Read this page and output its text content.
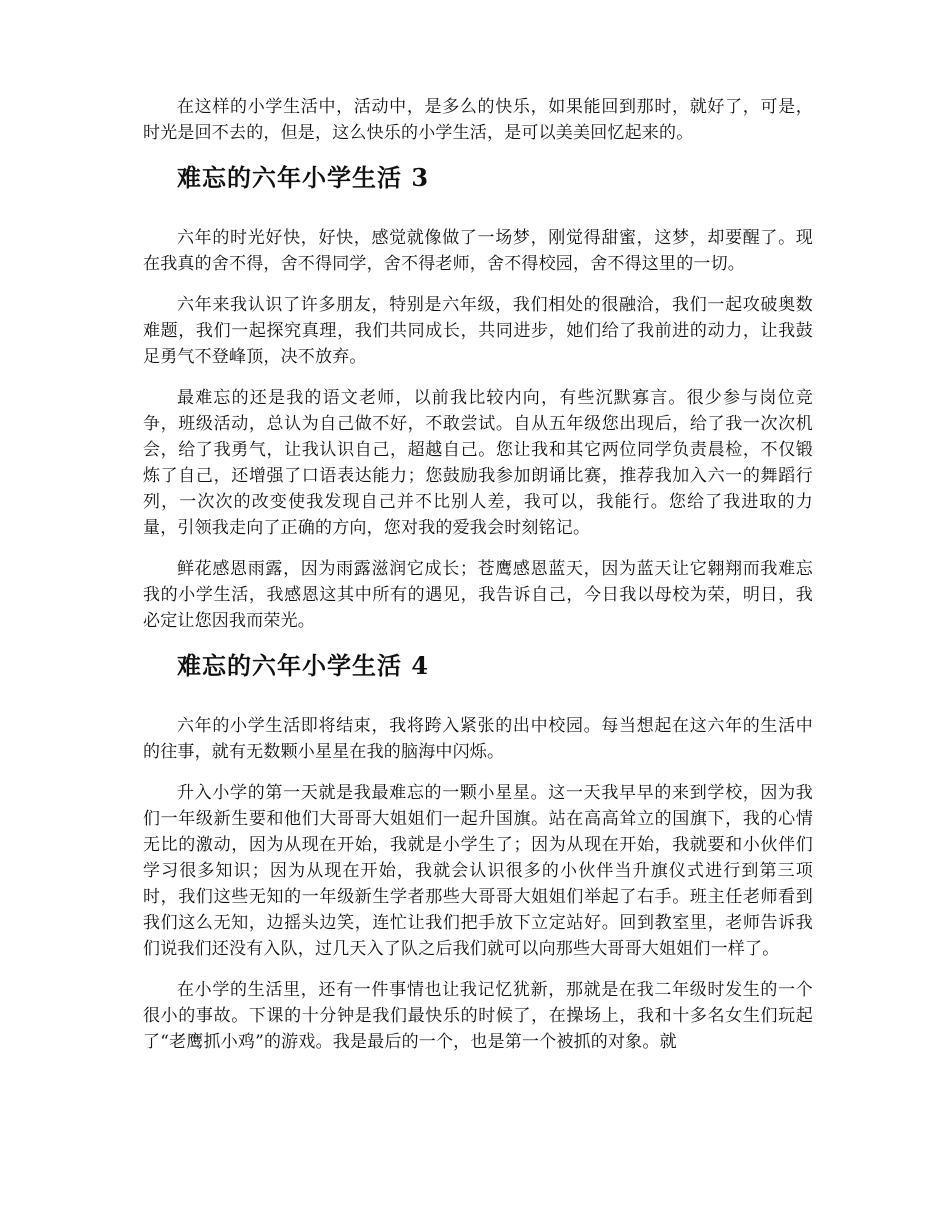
在这样的小学生活中，活动中，是多么的快乐，如果能回到那时，就好了，可是，时光是回不去的，但是，这么快乐的小学生活，是可以美美回忆起来的。

难忘的六年小学生活 3

六年的时光好快，好快，感觉就像做了一场梦，刚觉得甜蜜，这梦，却要醒了。现在我真的舍不得，舍不得同学，舍不得老师，舍不得校园，舍不得这里的一切。

六年来我认识了许多朋友，特别是六年级，我们相处的很融洽，我们一起攻破奥数难题，我们一起探究真理，我们共同成长，共同进步，她们给了我前进的动力，让我鼓足勇气不登峰顶，决不放弃。

最难忘的还是我的语文老师，以前我比较内向，有些沉默寡言。很少参与岗位竞争，班级活动，总认为自己做不好，不敢尝试。自从五年级您出现后，给了我一次次机会，给了我勇气，让我认识自己，超越自己。您让我和其它两位同学负责晨检，不仅锻炼了自己，还增强了口语表达能力；您鼓励我参加朗诵比赛，推荐我加入六一的舞蹈行列，一次次的改变使我发现自己并不比别人差，我可以，我能行。您给了我进取的力量，引领我走向了正确的方向，您对我的爱我会时刻铭记。

鲜花感恩雨露，因为雨露滋润它成长；苍鹰感恩蓝天，因为蓝天让它翱翔而我难忘我的小学生活，我感恩这其中所有的遇见，我告诉自己，今日我以母校为荣，明日，我必定让您因我而荣光。

难忘的六年小学生活 4

六年的小学生活即将结束，我将跨入紧张的出中校园。每当想起在这六年的生活中的往事，就有无数颗小星星在我的脑海中闪烁。

升入小学的第一天就是我最难忘的一颗小星星。这一天我早早的来到学校，因为我们一年级新生要和他们大哥哥大姐姐们一起升国旗。站在高高耸立的国旗下，我的心情无比的激动，因为从现在开始，我就是小学生了；因为从现在开始，我就要和小伙伴们学习很多知识；因为从现在开始，我就会认识很多的小伙伴当升旗仪式进行到第三项时，我们这些无知的一年级新生学者那些大哥哥大姐姐们举起了右手。班主任老师看到我们这么无知，边摇头边笑，连忙让我们把手放下立定站好。回到教室里，老师告诉我们说我们还没有入队，过几天入了队之后我们就可以向那些大哥哥大姐姐们一样了。

在小学的生活里，还有一件事情也让我记忆犹新，那就是在我二年级时发生的一个很小的事故。下课的十分钟是我们最快乐的时候了，在操场上，我和十多名女生们玩起了“老鹰抓小鸡”的游戏。我是最后的一个，也是第一个被抓的对象。就
